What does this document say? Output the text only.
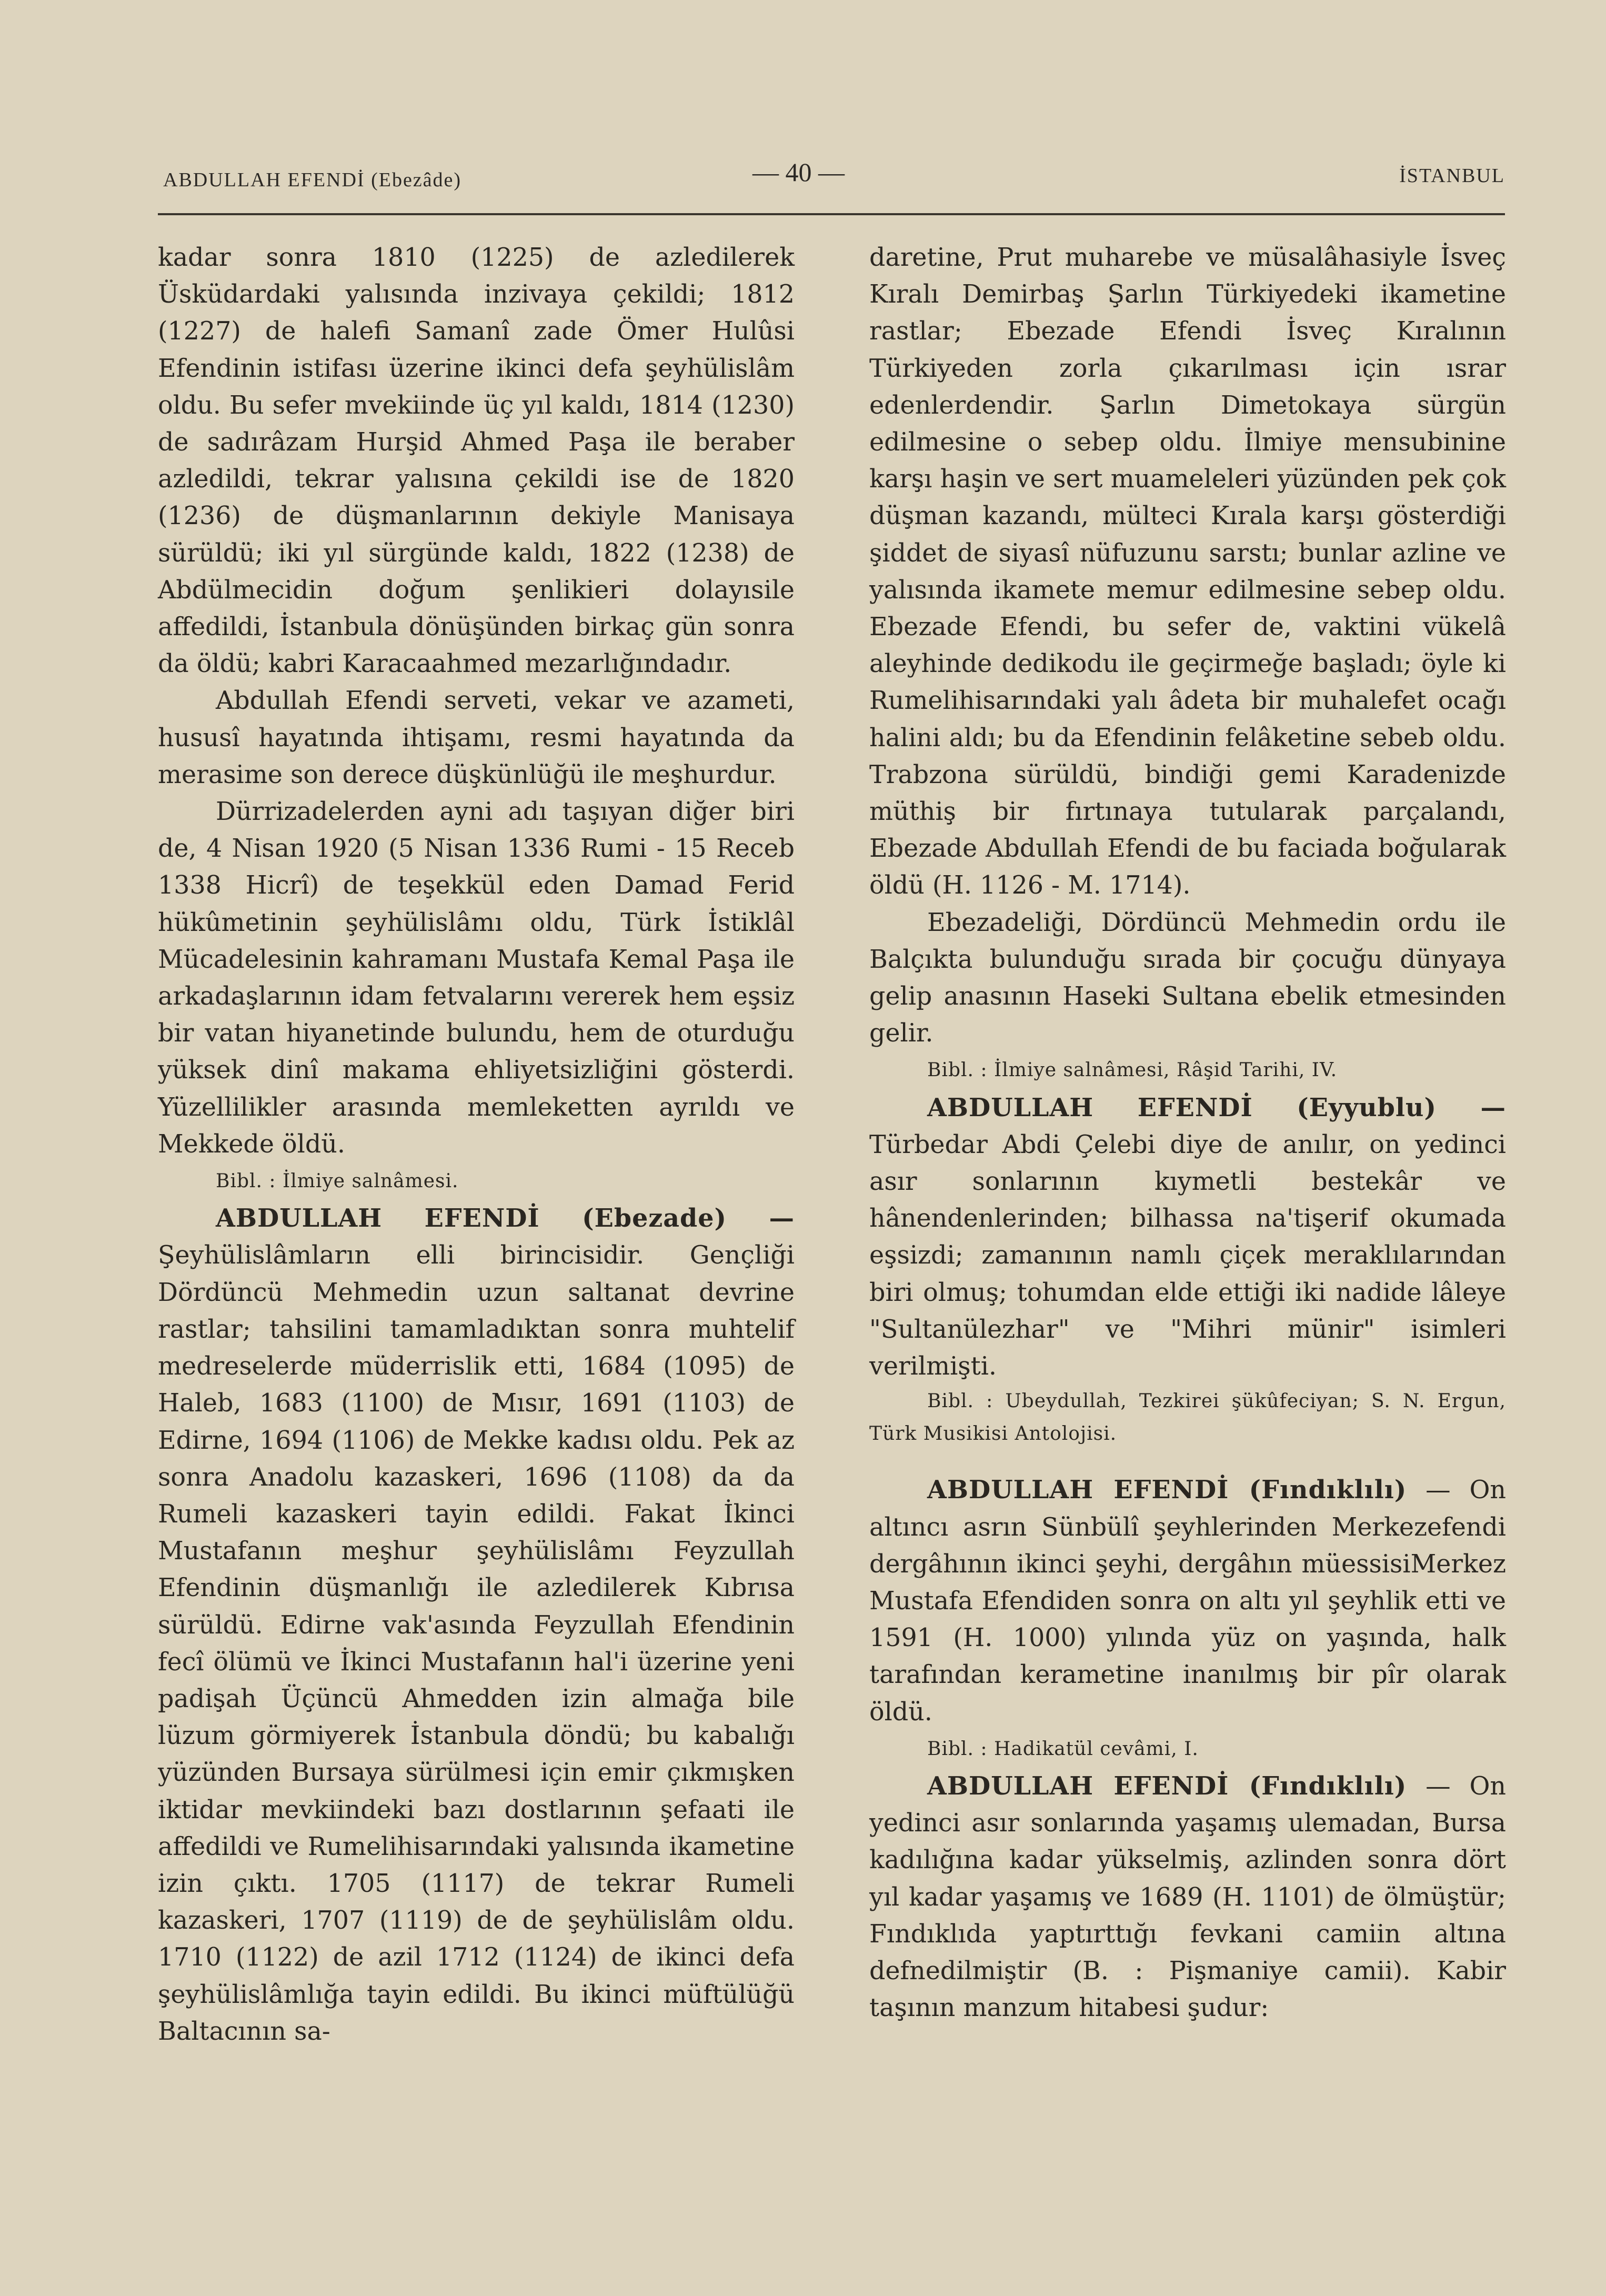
ABDULLAH EFENDİ (Ebezâde)	— 40 —	İSTANBUL

kadar sonra 1810 (1225) de azledilerek Üsküdardaki yalısında inzivaya çekildi; 1812 (1227) de halefi Samanî zade Ömer Hulûsi Efendinin istifası üzerine ikinci defa şeyhülislâm oldu. Bu sefer mvekiinde üç yıl kaldı, 1814 (1230) de sadırâzam Hurşid Ahmed Paşa ile beraber azledildi, tekrar yalısına çekildi ise de 1820 (1236) de düşmanlarının dekiyle Manisaya sürüldü; iki yıl sürgünde kaldı, 1822 (1238) de Abdülmecidin doğum şenlikieri dolayısile affedildi, İstanbula dönüşünden birkaç gün sonra da öldü; kabri Karacaahmed mezarlığındadır.

Abdullah Efendi serveti, vekar ve azameti, hususî hayatında ihtişamı, resmi hayatında da merasime son derece düşkünlüğü ile meşhurdur.

Dürrizadelerden ayni adı taşıyan diğer biri de, 4 Nisan 1920 (5 Nisan 1336 Rumi - 15 Receb 1338 Hicrî) de teşekkül eden Damad Ferid hükûmetinin şeyhülislâmı oldu, Türk İstiklâl Mücadelesinin kahramanı Mustafa Kemal Paşa ile arkadaşlarının idam fetvalarını vererek hem eşsiz bir vatan hiyanetinde bulundu, hem de oturduğu yüksek dinî makama ehliyetsizliğini gösterdi. Yüzellilikler arasında memleketten ayrıldı ve Mekkede öldü.

Bibl. : İlmiye salnâmesi.

ABDULLAH EFENDİ (Ebezade) — Şeyhülislâmların elli birincisidir. Gençliği Dördüncü Mehmedin uzun saltanat devrine rastlar; tahsilini tamamladıktan sonra muhtelif medreselerde müderrislik etti, 1684 (1095) de Haleb, 1683 (1100) de Mısır, 1691 (1103) de Edirne, 1694 (1106) de Mekke kadısı oldu. Pek az sonra Anadolu kazaskeri, 1696 (1108) da da Rumeli kazaskeri tayin edildi. Fakat İkinci Mustafanın meşhur şeyhülislâmı Feyzullah Efendinin düşmanlığı ile azledilerek Kıbrısa sürüldü. Edirne vak'asında Feyzullah Efendinin fecî ölümü ve İkinci Mustafanın hal'i üzerine yeni padişah Üçüncü Ahmedden izin almağa bile lüzum görmiyerek İstanbula döndü; bu kabalığı yüzünden Bursaya sürülmesi için emir çıkmışken iktidar mevkiindeki bazı dostlarının şefaati ile affedildi ve Rumelihisarındaki yalısında ikametine izin çıktı. 1705 (1117) de tekrar Rumeli kazaskeri, 1707 (1119) de de şeyhülislâm oldu. 1710 (1122) de azil 1712 (1124) de ikinci defa şeyhülislâmlığa tayin edildi. Bu ikinci müftülüğü Baltacının sa-

daretine, Prut muharebe ve müsalâhasiyle İsveç Kıralı Demirbaş Şarlın Türkiyedeki ikametine rastlar; Ebezade Efendi İsveç Kıralının Türkiyeden zorla çıkarılması için ısrar edenlerdendir. Şarlın Dimetokaya sürgün edilmesine o sebep oldu. İlmiye mensubinine karşı haşin ve sert muameleleri yüzünden pek çok düşman kazandı, mülteci Kırala karşı gösterdiği şiddet de siyasî nüfuzunu sarstı; bunlar azline ve yalısında ikamete memur edilmesine sebep oldu. Ebezade Efendi, bu sefer de, vaktini vükelâ aleyhinde dedikodu ile geçirmeğe başladı; öyle ki Rumelihisarındaki yalı âdeta bir muhalefet ocağı halini aldı; bu da Efendinin felâketine sebeb oldu. Trabzona sürüldü, bindiği gemi Karadenizde müthiş bir fırtınaya tutularak parçalandı, Ebezade Abdullah Efendi de bu faciada boğularak öldü (H. 1126 - M. 1714).

Ebezadeliği, Dördüncü Mehmedin ordu ile Balçıkta bulunduğu sırada bir çocuğu dünyaya gelip anasının Haseki Sultana ebelik etmesinden gelir.

Bibl. : İlmiye salnâmesi, Râşid Tarihi, IV.

ABDULLAH EFENDİ (Eyyublu) — Türbedar Abdi Çelebi diye de anılır, on yedinci asır sonlarının kıymetli bestekâr ve hânendenlerinden; bilhassa na'tişerif okumada eşsizdi; zamanının namlı çiçek meraklılarından biri olmuş; tohumdan elde ettiği iki nadide lâleye "Sultanülezhar" ve "Mihri münir" isimleri verilmişti.

Bibl. : Ubeydullah, Tezkirei şükûfeciyan; S. N. Ergun, Türk Musikisi Antolojisi.

ABDULLAH EFENDİ (Fındıklılı) — On altıncı asrın Sünbülî şeyhlerinden Merkezefendi dergâhının ikinci şeyhi, dergâhın müessisiMerkez Mustafa Efendiden sonra on altı yıl şeyhlik etti ve 1591 (H. 1000) yılında yüz on yaşında, halk tarafından kerametine inanılmış bir pîr olarak öldü.

Bibl. : Hadikatül cevâmi, I.

ABDULLAH EFENDİ (Fındıklılı) — On yedinci asır sonlarında yaşamış ulemadan, Bursa kadılığına kadar yükselmiş, azlinden sonra dört yıl kadar yaşamış ve 1689 (H. 1101) de ölmüştür; Fındıklıda yaptırttığı fevkani camiin altına defnedilmiştir (B. : Pişmaniye camii). Kabir taşının manzum hitabesi şudur:
